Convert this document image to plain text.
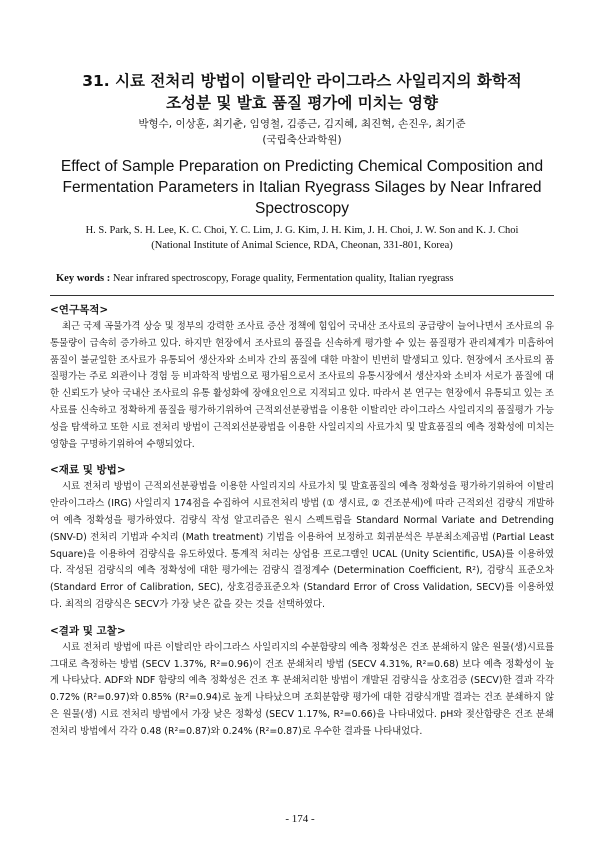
31. 시료 전처리 방법이 이탈리안 라이그라스 사일리지의 화학적

조성분 및 발효 품질 평가에 미치는 영향

박형수, 이상훈, 최기춘, 임영철, 김종근, 김지혜, 최진혁, 손진우, 최기준
(국립축산과학원)
Effect of Sample Preparation on Predicting Chemical Composition and
Fermentation Parameters in Italian Ryegrass Silages by Near Infrared
Spectroscopy
H. S. Park, S. H. Lee, K. C. Choi, Y. C. Lim, J. G. Kim, J. H. Kim, J. H. Choi, J. W. Son and K. J. Choi
(National Institute of Animal Science, RDA, Cheonan, 331-801, Korea)
Key words : Near infrared spectroscopy, Forage quality, Fermentation quality, Italian ryegrass
<연구목적>

최근 국제 곡물가격 상승 및 정부의 강력한 조사료 증산 정책에 힘입어 국내산 조사료의 공급량이 늘어나면서 조사료의 유통물량이 급속히 증가하고 있다. 하지만 현장에서 조사료의 품질을 신속하게 평가할 수 있는 품질평가 관리체계가 미흡하여 품질이 불균일한 조사료가 유통되어 생산자와 소비자 간의 품질에 대한 마찰이 빈번히 발생되고 있다. 현장에서 조사료의 품질평가는 주로 외관이나 경험 등 비과학적 방법으로 평가됨으로서 조사료의 유통시장에서 생산자와 소비자 서로가 품질에 대한 신뢰도가 낮아 국내산 조사료의 유통 활성화에 장애요인으로 지적되고 있다. 따라서 본 연구는 현장에서 유통되고 있는 조사료를 신속하고 정확하게 품질을 평가하기위하여 근적외선분광법을 이용한 이탈리안 라이그라스 사일리지의 품질평가 가능성을 탐색하고 또한 시료 전처리 방법이 근적외선분광법을 이용한 사일리지의 사료가치 및 발효품질의 예측 정확성에 미치는 영향을 구명하기위하여 수행되었다.

<재료 및 방법>

시료 전처리 방법이 근적외선분광법을 이용한 사일리지의 사료가치 및 발효품질의 예측 정확성을 평가하기위하여 이탈리안라이그라스 (IRG) 사일리지 174점을 수집하여 시료전처리 방법 (① 생시료, ② 건조분세)에 따라 근적외선 검량식 개발하여 예측 정확성을 평가하였다. 검량식 작성 알고리즘은 원시 스펙트럼을 Standard Normal Variate and Detrending (SNV-D) 전처리 기법과 수치리 (Math treatment) 기법을 이용하여 보정하고 회귀분석은 부분최소제곱법 (Partial Least Square)을 이용하여 검량식을 유도하였다. 통계적 처리는 상업용 프로그램인 UCAL (Unity Scientific, USA)를 이용하였다. 작성된 검량식의 예측 정확성에 대한 평가에는 검량식 결정계수 (Determination Coefficient, R²), 검량식 표준오차 (Standard Error of Calibration, SEC), 상호검증표준오차 (Standard Error of Cross Validation, SECV)를 이용하였다. 최적의 검량식은 SECV가 가장 낮은 값을 갖는 것을 선택하였다.

<결과 및 고찰>

시료 전처리 방법에 따른 이탈리안 라이그라스 사일리지의 수분함량의 예측 정확성은 건조 분쇄하지 않은 원물(생)시료를 그대로 측정하는 방법 (SECV 1.37%, R²=0.96)이 건조 분쇄처리 방법 (SECV 4.31%, R²=0.68) 보다 예측 정확성이 높게 나타났다. ADF와 NDF 함량의 예측 정확성은 건조 후 분쇄처리한 방법이 개발된 검량식을 상호검증 (SECV)한 결과 각각 0.72% (R²=0.97)와 0.85% (R²=0.94)로 높게 나타났으며 조회분함량 평가에 대한 검량식개발 결과는 건조 분쇄하지 않은 원물(생) 시료 전처리 방법에서 가장 낮은 정확성 (SECV 1.17%, R²=0.66)을 나타내었다. pH와 젖산함량은 건조 분쇄 전처리 방법에서 각각 0.48 (R²=0.87)와 0.24% (R²=0.87)로 우수한 결과를 나타내었다.

- 174 -
